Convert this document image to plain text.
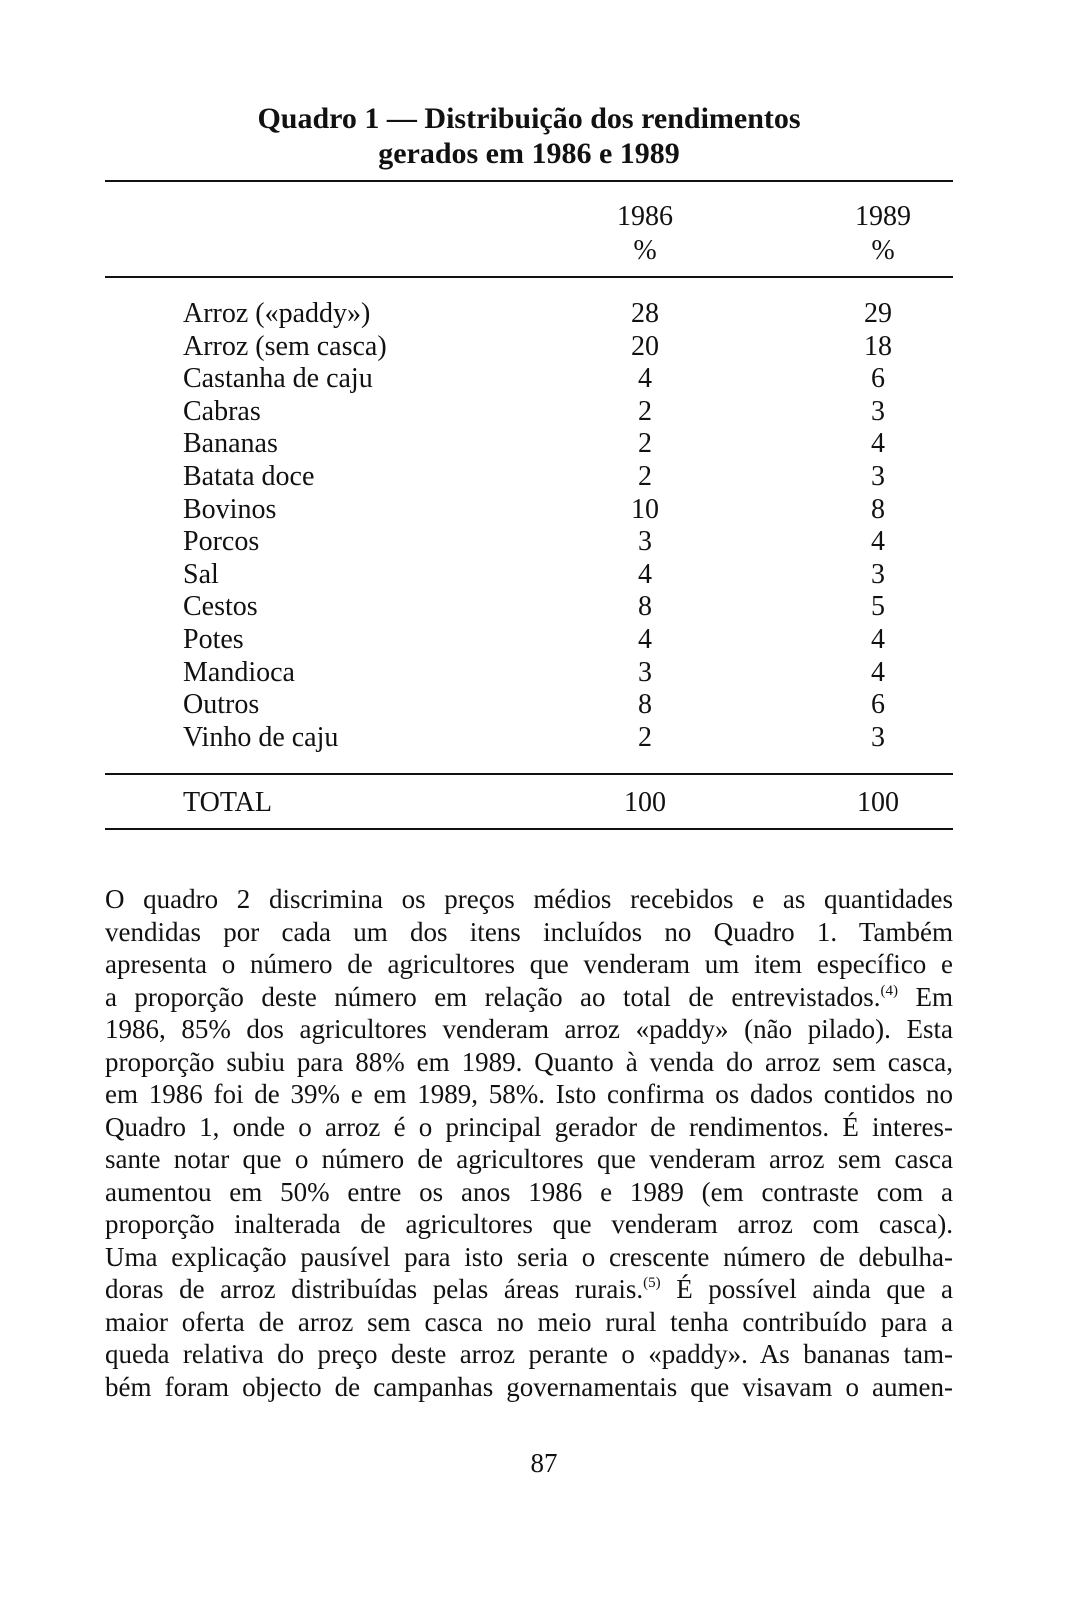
Quadro 1 — Distribuição dos rendimentos
gerados em 1986 e 1989
1986
%
1989
%
Arroz («paddy»)	28	29
Arroz (sem casca)	20	18
Castanha de caju	4	6
Cabras	2	3
Bananas	2	4
Batata doce	2	3
Bovinos	10	8
Porcos	3	4
Sal	4	3
Cestos	8	5
Potes	4	4
Mandioca	3	4
Outros	8	6
Vinho de caju	2	3
TOTAL	100	100
O quadro 2 discrimina os preços médios recebidos e as quantidades
vendidas por cada um dos itens incluídos no Quadro 1. Também
apresenta o número de agricultores que venderam um item específico e
a proporção deste número em relação ao total de entrevistados.$^{(4)}$ Em
1986, 85% dos agricultores venderam arroz «paddy» (não pilado). Esta
proporção subiu para 88% em 1989. Quanto à venda do arroz sem casca,
em 1986 foi de 39% e em 1989, 58%. Isto confirma os dados contidos no
Quadro 1, onde o arroz é o principal gerador de rendimentos. É interes-
sante notar que o número de agricultores que venderam arroz sem casca
aumentou em 50% entre os anos 1986 e 1989 (em contraste com a
proporção inalterada de agricultores que venderam arroz com casca).
Uma explicação pausível para isto seria o crescente número de debulha-
doras de arroz distribuídas pelas áreas rurais.$^{(5)}$ É possível ainda que a
maior oferta de arroz sem casca no meio rural tenha contribuído para a
queda relativa do preço deste arroz perante o «paddy». As bananas tam-
bém foram objecto de campanhas governamentais que visavam o aumen-
87
